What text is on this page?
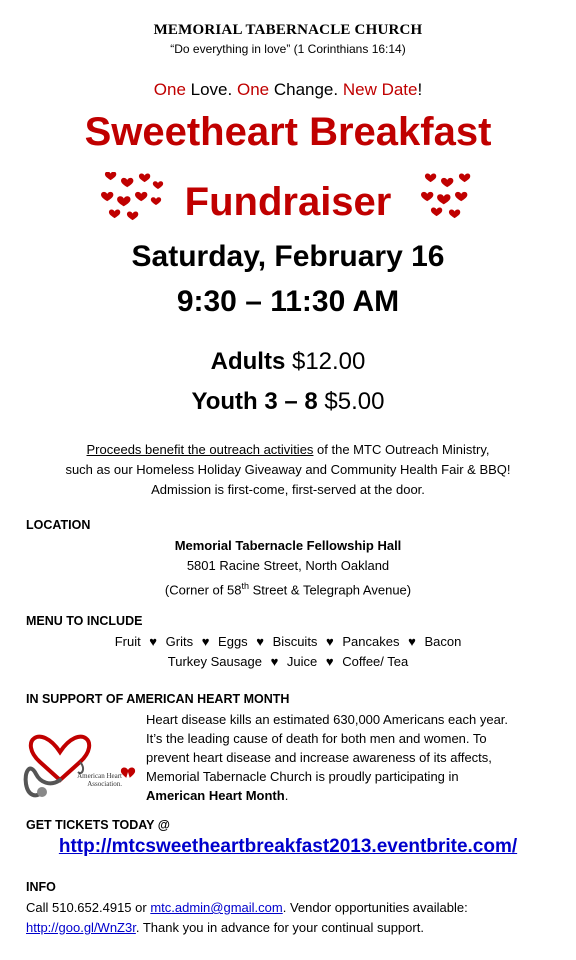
MEMORIAL TABERNACLE CHURCH
“Do everything in love” (1 Corinthians 16:14)
One Love. One Change. New Date!
Sweetheart Breakfast
Fundraiser
Saturday, February 16
9:30 – 11:30 AM
Adults $12.00
Youth 3 – 8 $5.00
Proceeds benefit the outreach activities of the MTC Outreach Ministry,
such as our Homeless Holiday Giveaway and Community Health Fair & BBQ!
Admission is first-come, first-served at the door.
LOCATION
Memorial Tabernacle Fellowship Hall
5801 Racine Street, North Oakland
(Corner of 58th Street & Telegraph Avenue)
MENU TO INCLUDE
Fruit ♥ Grits ♥ Eggs ♥ Biscuits ♥ Pancakes ♥ Bacon
Turkey Sausage ♥ Juice ♥ Coffee/ Tea
IN SUPPORT OF AMERICAN HEART MONTH
American Heart
Association.
Heart disease kills an estimated 630,000 Americans each year.
It’s the leading cause of death for both men and women. To
prevent heart disease and increase awareness of its affects,
Memorial Tabernacle Church is proudly participating in
American Heart Month.
GET TICKETS TODAY @
http://mtcsweetheartbreakfast2013.eventbrite.com/
INFO
Call 510.652.4915 or mtc.admin@gmail.com. Vendor opportunities available:
http://goo.gl/WnZ3r. Thank you in advance for your continual support.
